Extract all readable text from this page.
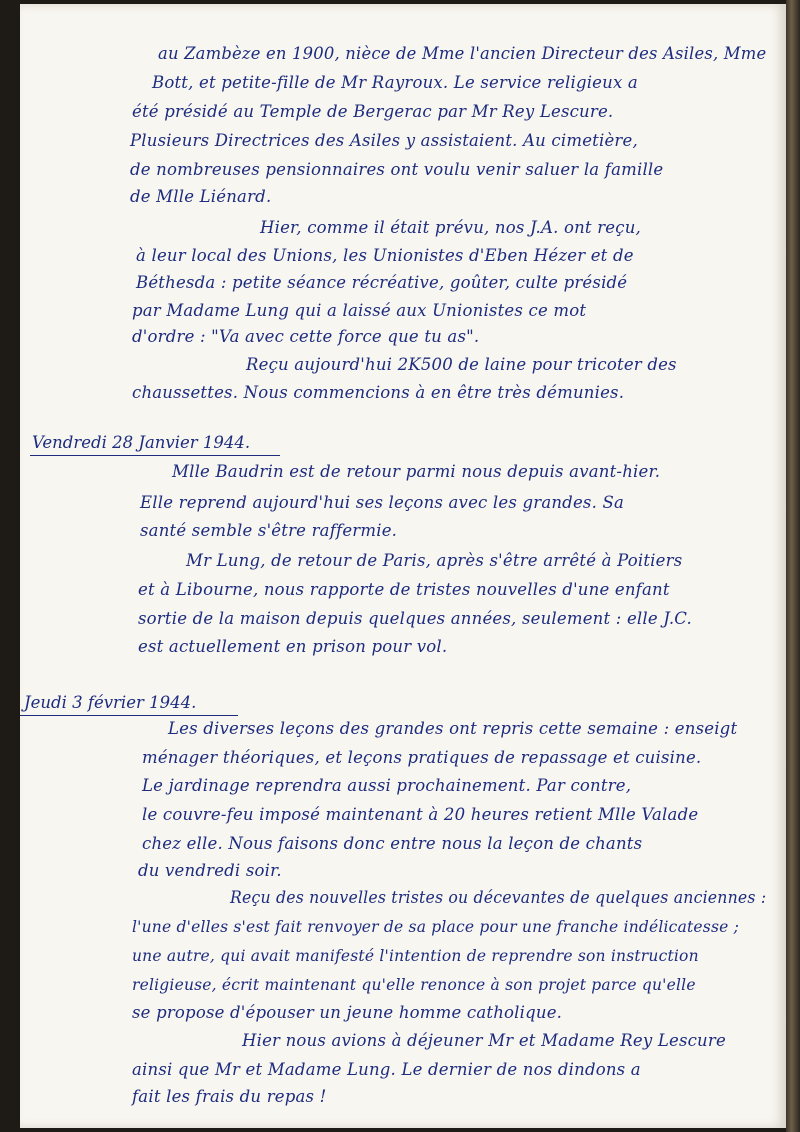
au Zambèze en 1900, nièce de Mme l'ancien Directeur des Asiles, Mme
Bott, et petite-fille de Mr Rayroux. Le service religieux a
été présidé au Temple de Bergerac par Mr Rey Lescure.
Plusieurs Directrices des Asiles y assistaient. Au cimetière,
de nombreuses pensionnaires ont voulu venir saluer la famille
de Mlle Liénard.
Hier, comme il était prévu, nos J.A. ont reçu,
à leur local des Unions, les Unionistes d'Eben Hézer et de
Béthesda : petite séance récréative, goûter, culte présidé
par Madame Lung qui a laissé aux Unionistes ce mot
d'ordre : "Va avec cette force que tu as".
Reçu aujourd'hui 2K500 de laine pour tricoter des
chaussettes. Nous commencions à en être très démunies.
Vendredi 28 Janvier 1944.
Mlle Baudrin est de retour parmi nous depuis avant-hier.
Elle reprend aujourd'hui ses leçons avec les grandes. Sa
santé semble s'être raffermie.
Mr Lung, de retour de Paris, après s'être arrêté à Poitiers
et à Libourne, nous rapporte de tristes nouvelles d'une enfant
sortie de la maison depuis quelques années, seulement : elle J.C.
est actuellement en prison pour vol.
Jeudi 3 février 1944.
Les diverses leçons des grandes ont repris cette semaine : enseigt
ménager théoriques, et leçons pratiques de repassage et cuisine.
Le jardinage reprendra aussi prochainement. Par contre,
le couvre-feu imposé maintenant à 20 heures retient Mlle Valade
chez elle. Nous faisons donc entre nous la leçon de chants
du vendredi soir.
Reçu des nouvelles tristes ou décevantes de quelques anciennes :
l'une d'elles s'est fait renvoyer de sa place pour une franche indélicatesse ;
une autre, qui avait manifesté l'intention de reprendre son instruction
religieuse, écrit maintenant qu'elle renonce à son projet parce qu'elle
se propose d'épouser un jeune homme catholique.
Hier nous avions à déjeuner Mr et Madame Rey Lescure
ainsi que Mr et Madame Lung. Le dernier de nos dindons a
fait les frais du repas !
